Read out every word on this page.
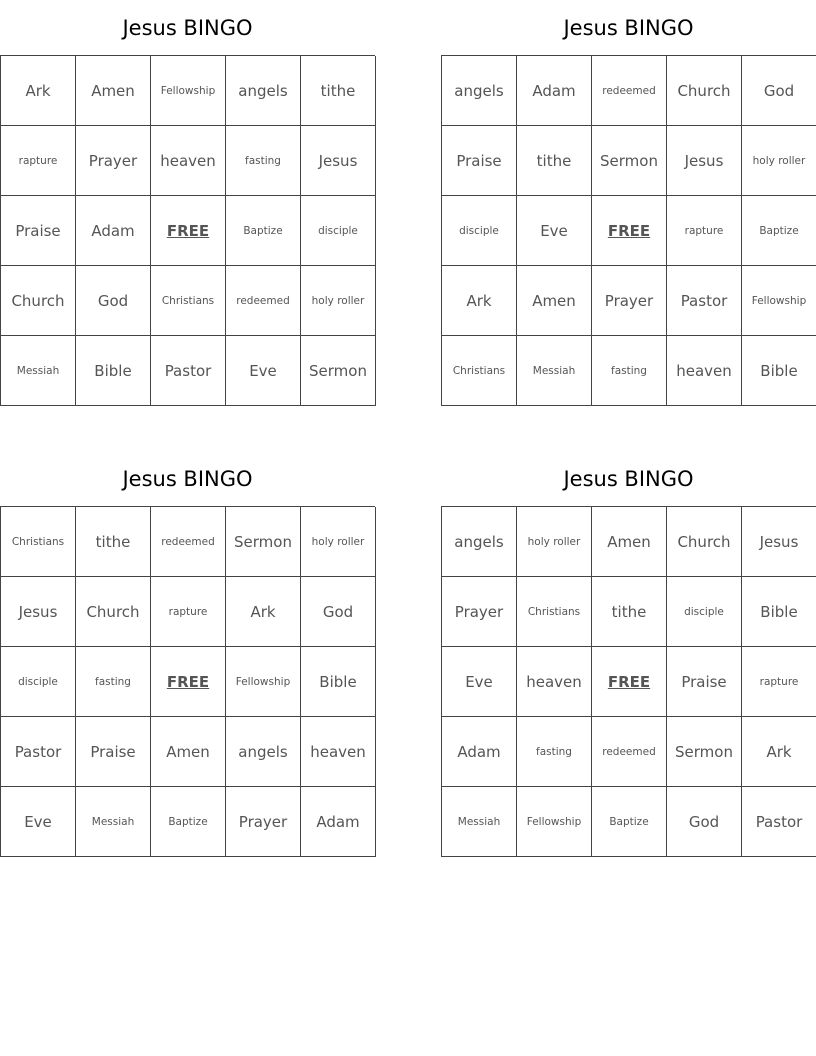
Jesus BINGO
Ark	Amen	Fellowship	angels	tithe
rapture	Prayer	heaven	fasting	Jesus
Praise	Adam	FREE	Baptize	disciple
Church	God	Christians	redeemed	holy roller
Messiah	Bible	Pastor	Eve	Sermon
Jesus BINGO
angels	Adam	redeemed	Church	God
Praise	tithe	Sermon	Jesus	holy roller
disciple	Eve	FREE	rapture	Baptize
Ark	Amen	Prayer	Pastor	Fellowship
Christians	Messiah	fasting	heaven	Bible
Jesus BINGO
Christians	tithe	redeemed	Sermon	holy roller
Jesus	Church	rapture	Ark	God
disciple	fasting	FREE	Fellowship	Bible
Pastor	Praise	Amen	angels	heaven
Eve	Messiah	Baptize	Prayer	Adam
Jesus BINGO
angels	holy roller	Amen	Church	Jesus
Prayer	Christians	tithe	disciple	Bible
Eve	heaven	FREE	Praise	rapture
Adam	fasting	redeemed	Sermon	Ark
Messiah	Fellowship	Baptize	God	Pastor
